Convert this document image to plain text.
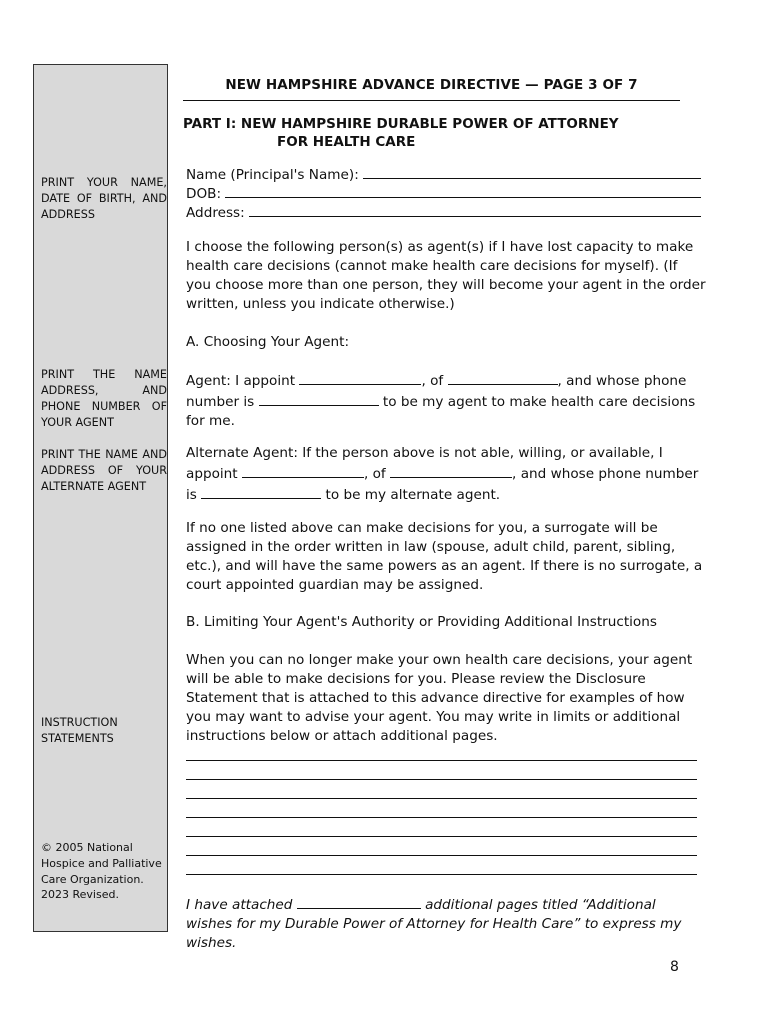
PRINT YOUR NAME, DATE OF BIRTH, AND ADDRESS
PRINT THE NAME ADDRESS, AND PHONE NUMBER OF YOUR AGENT
PRINT THE NAME AND ADDRESS OF YOUR ALTERNATE AGENT
INSTRUCTION STATEMENTS
© 2005 National Hospice and Palliative Care Organization. 2023 Revised.
NEW HAMPSHIRE ADVANCE DIRECTIVE — PAGE 3 OF 7
PART I: NEW HAMPSHIRE DURABLE POWER OF ATTORNEY
FOR HEALTH CARE
Name (Principal's Name):
DOB:
Address:
I choose the following person(s) as agent(s) if I have lost capacity to make health care decisions (cannot make health care decisions for myself). (If you choose more than one person, they will become your agent in the order written, unless you indicate otherwise.)
A. Choosing Your Agent:
Agent: I appoint	, of	, and whose phone number is	to be my agent to make health care decisions for me.
Alternate Agent: If the person above is not able, willing, or available, I appoint	, of	, and whose phone number is	to be my alternate agent.
If no one listed above can make decisions for you, a surrogate will be assigned in the order written in law (spouse, adult child, parent, sibling, etc.), and will have the same powers as an agent. If there is no surrogate, a court appointed guardian may be assigned.
B. Limiting Your Agent's Authority or Providing Additional Instructions
When you can no longer make your own health care decisions, your agent will be able to make decisions for you. Please review the Disclosure Statement that is attached to this advance directive for examples of how you may want to advise your agent. You may write in limits or additional instructions below or attach additional pages.
I have attached	additional pages titled “Additional wishes for my Durable Power of Attorney for Health Care” to express my wishes.
8
